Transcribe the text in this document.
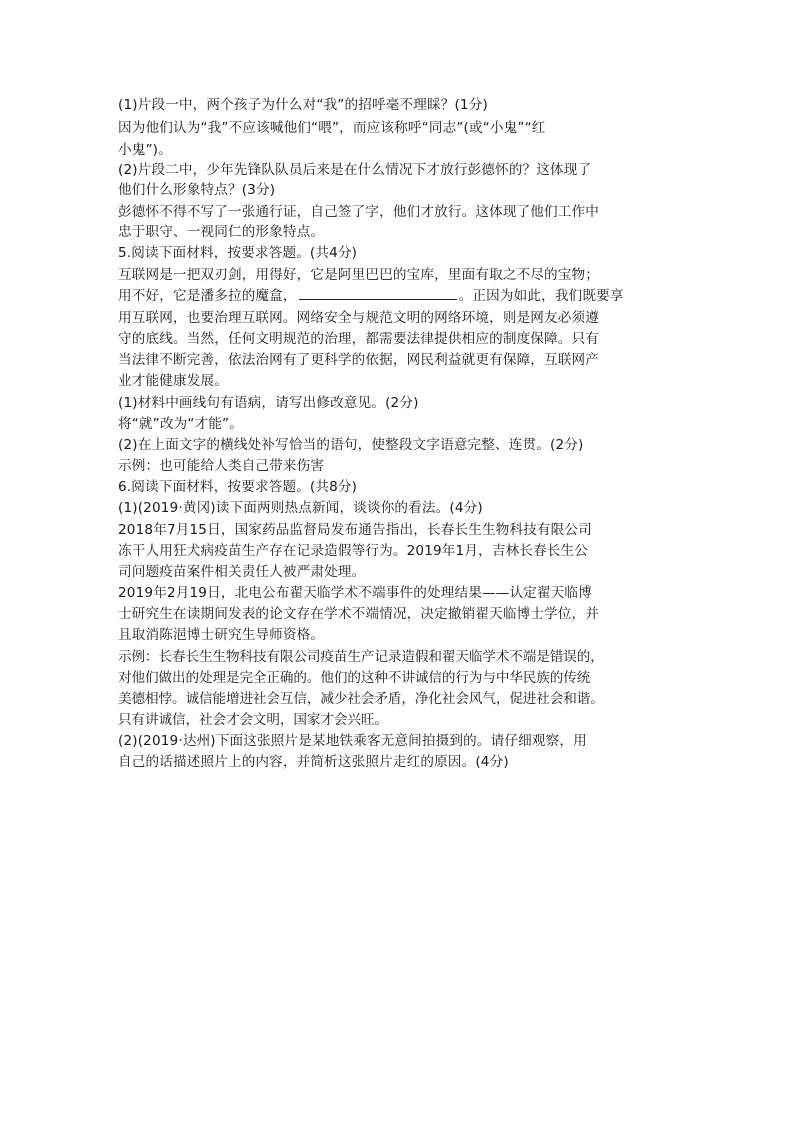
(1)片段一中，两个孩子为什么对“我”的招呼毫不理睬？(1分)
因为他们认为“我”不应该喊他们“喂”，而应该称呼“同志”(或“小鬼”“红
小鬼”)。
(2)片段二中，少年先锋队队员后来是在什么情况下才放行彭德怀的？这体现了
他们什么形象特点？(3分)
彭德怀不得不写了一张通行证，自己签了字，他们才放行。这体现了他们工作中
忠于职守、一视同仁的形象特点。
5.阅读下面材料，按要求答题。(共4分)
互联网是一把双刃剑，用得好，它是阿里巴巴的宝库，里面有取之不尽的宝物；
用不好，它是潘多拉的魔盒，	。正因为如此，我们既要享
用互联网，也要治理互联网。网络安全与规范文明的网络环境，则是网友必须遵
守的底线。当然，任何文明规范的治理，都需要法律提供相应的制度保障。只有
当法律不断完善，依法治网有了更科学的依据，网民利益就更有保障，互联网产
业才能健康发展。
(1)材料中画线句有语病，请写出修改意见。(2分)
将“就”改为“才能”。
(2)在上面文字的横线处补写恰当的语句，使整段文字语意完整、连贯。(2分)
示例：也可能给人类自己带来伤害
6.阅读下面材料，按要求答题。(共8分)
(1)(2019·黄冈)读下面两则热点新闻，谈谈你的看法。(4分)
2018年7月15日，国家药品监督局发布通告指出，长春长生生物科技有限公司
冻干人用狂犬病疫苗生产存在记录造假等行为。2019年1月，吉林长春长生公
司问题疫苗案件相关责任人被严肃处理。
2019年2月19日，北电公布翟天临学术不端事件的处理结果——认定翟天临博
士研究生在读期间发表的论文存在学术不端情况，决定撤销翟天临博士学位，并
且取消陈浥博士研究生导师资格。
示例：长春长生生物科技有限公司疫苗生产记录造假和翟天临学术不端是错误的，
对他们做出的处理是完全正确的。他们的这种不讲诚信的行为与中华民族的传统
美德相悖。诚信能增进社会互信，减少社会矛盾，净化社会风气，促进社会和谐。
只有讲诚信，社会才会文明，国家才会兴旺。
(2)(2019·达州)下面这张照片是某地铁乘客无意间拍摄到的。请仔细观察，用
自己的话描述照片上的内容，并简析这张照片走红的原因。(4分)
